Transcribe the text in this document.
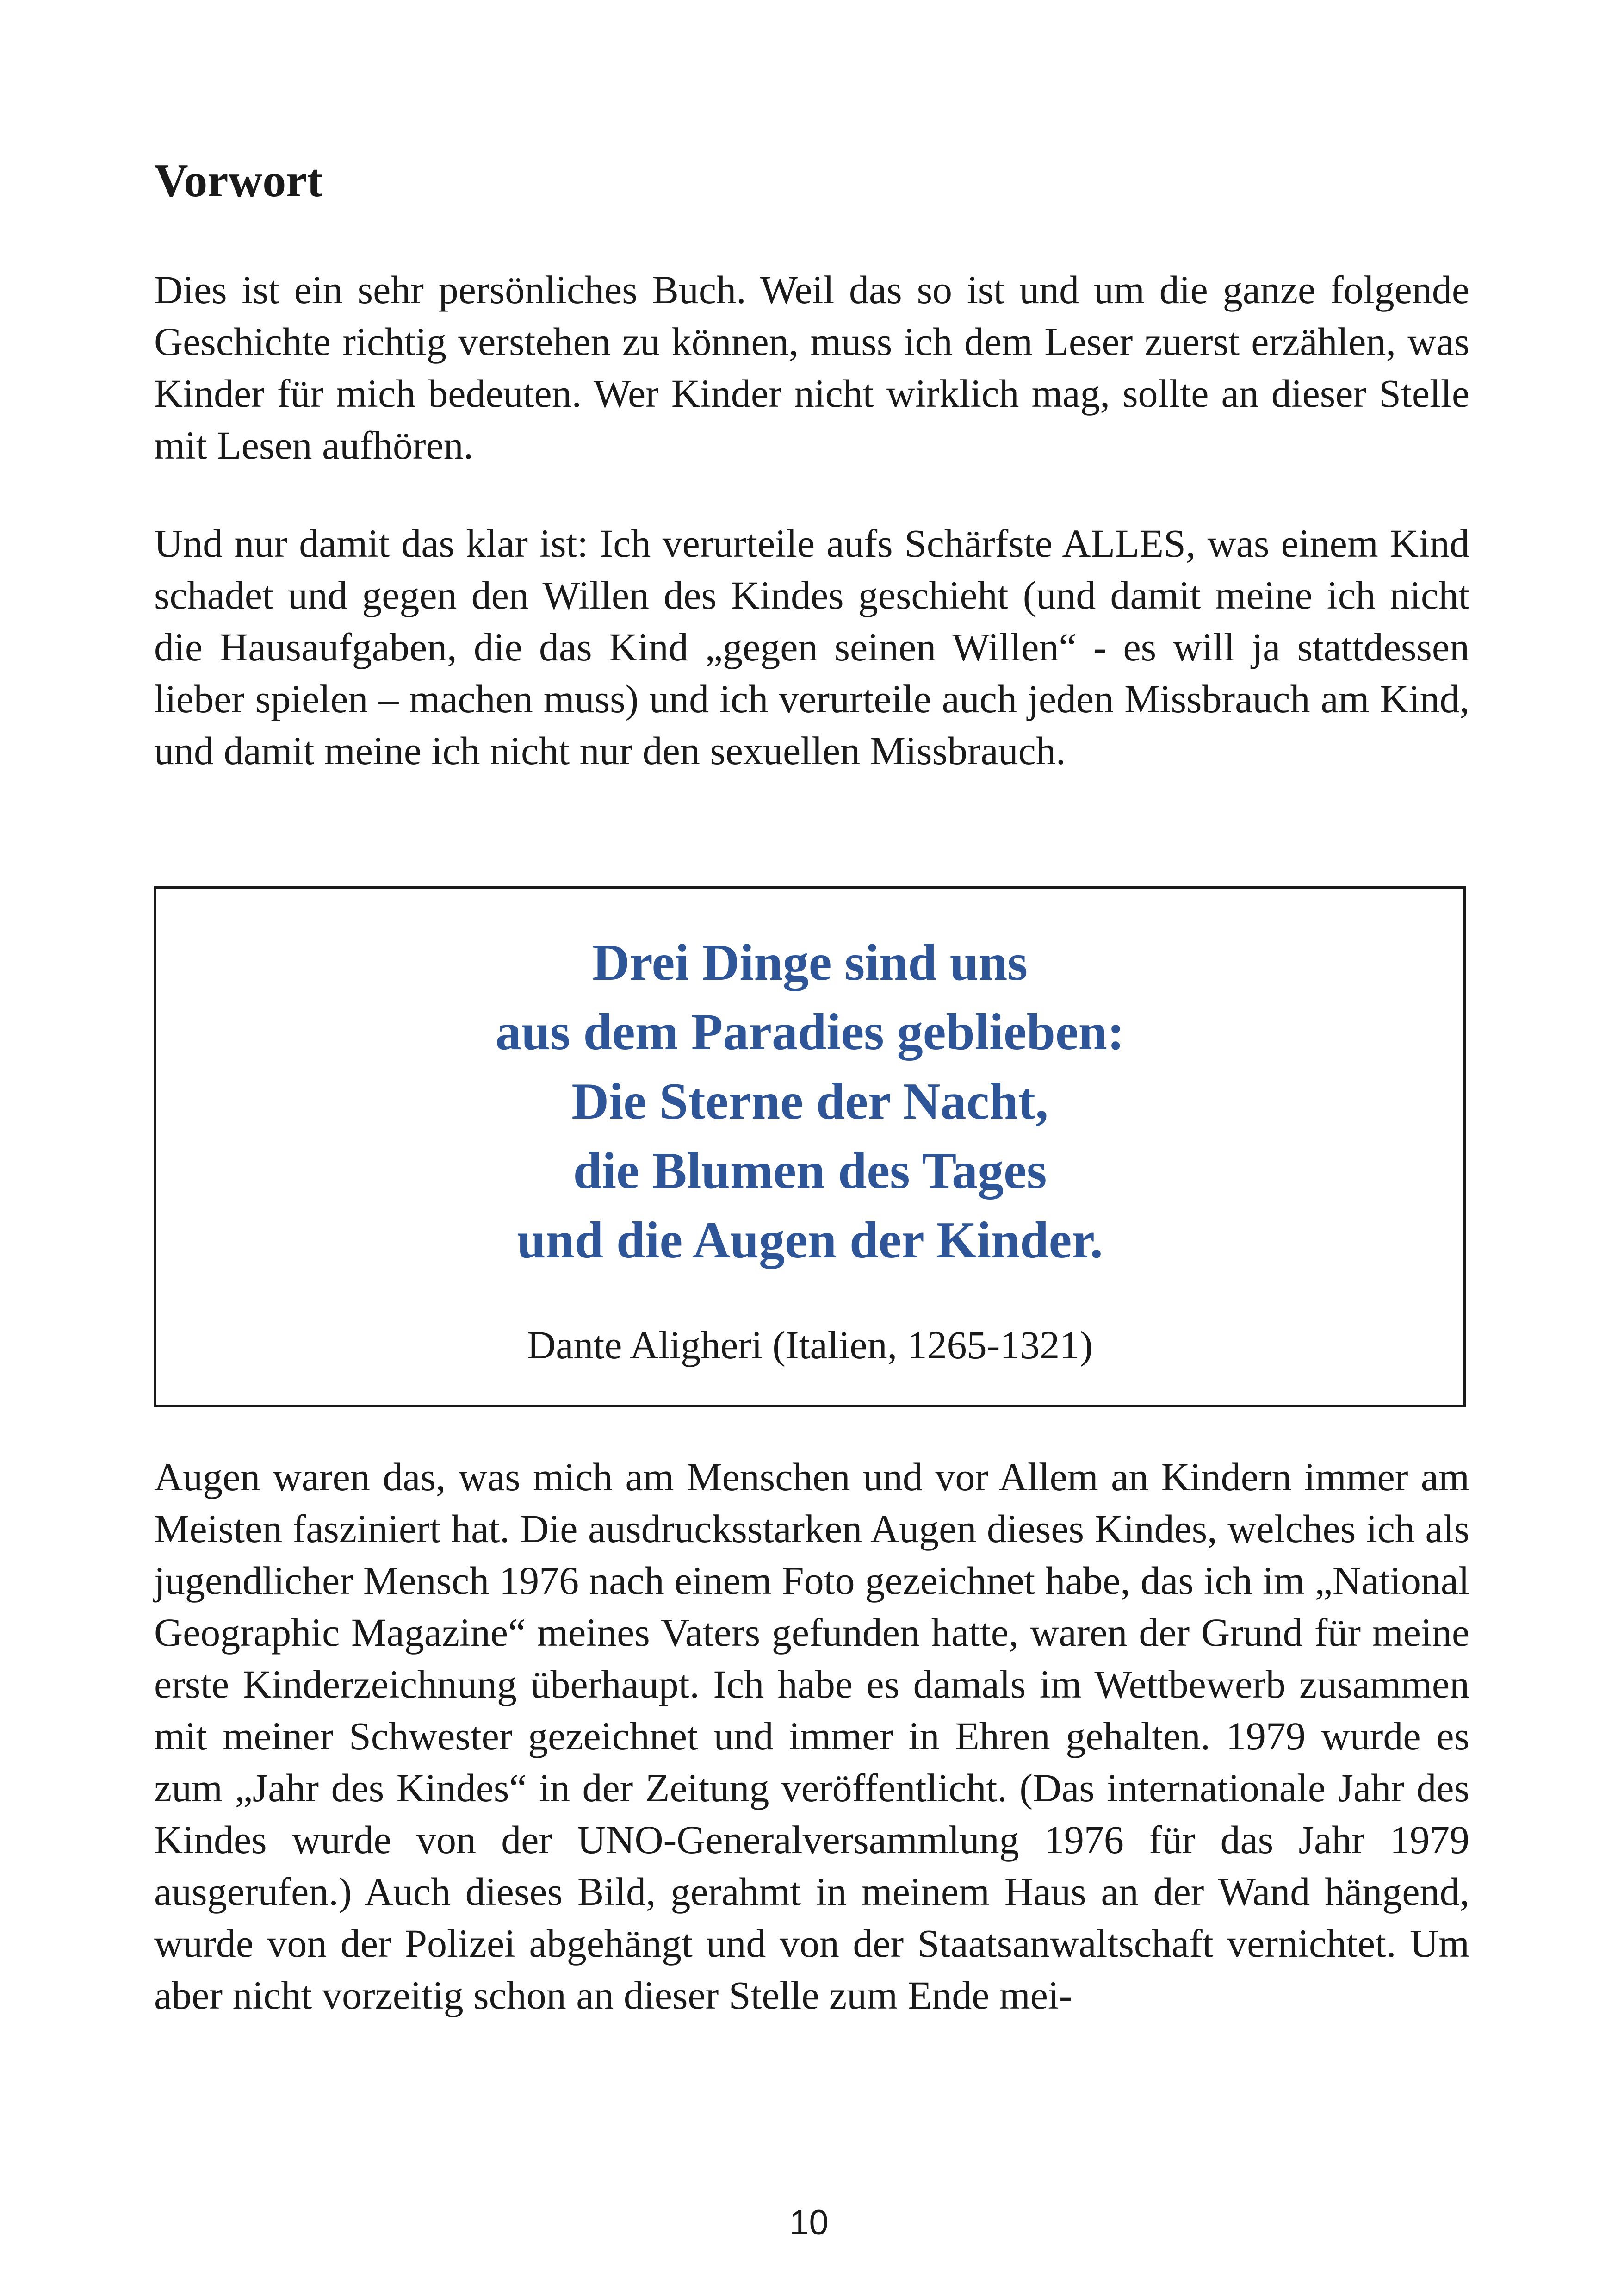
Vorwort

Dies ist ein sehr persönliches Buch. Weil das so ist und um die ganze folgende Geschichte richtig verstehen zu können, muss ich dem Leser zuerst erzählen, was Kinder für mich bedeuten. Wer Kinder nicht wirklich mag, sollte an dieser Stelle mit Lesen aufhören.

Und nur damit das klar ist: Ich verurteile aufs Schärfste ALLES, was einem Kind schadet und gegen den Willen des Kindes geschieht (und damit meine ich nicht die Hausaufgaben, die das Kind „gegen seinen Willen“ - es will ja stattdessen lieber spielen – machen muss) und ich verurteile auch jeden Missbrauch am Kind, und damit meine ich nicht nur den sexuellen Missbrauch.

Drei Dinge sind uns
aus dem Paradies geblieben:
Die Sterne der Nacht,
die Blumen des Tages
und die Augen der Kinder.

Dante Aligheri (Italien, 1265-1321)

Augen waren das, was mich am Menschen und vor Allem an Kindern immer am Meisten fasziniert hat. Die ausdrucksstarken Augen dieses Kindes, welches ich als jugendlicher Mensch 1976 nach einem Foto gezeichnet habe, das ich im „National Geographic Magazine“ meines Vaters gefunden hatte, waren der Grund für meine erste Kinderzeichnung überhaupt. Ich habe es damals im Wettbewerb zusammen mit meiner Schwester gezeichnet und immer in Ehren gehalten. 1979 wurde es zum „Jahr des Kindes“ in der Zeitung veröffentlicht. (Das internationale Jahr des Kindes wurde von der UNO-Generalversammlung 1976 für das Jahr 1979 ausgerufen.) Auch dieses Bild, gerahmt in meinem Haus an der Wand hängend, wurde von der Polizei abgehängt und von der Staatsanwaltschaft vernichtet. Um aber nicht vorzeitig schon an dieser Stelle zum Ende mei-

10
